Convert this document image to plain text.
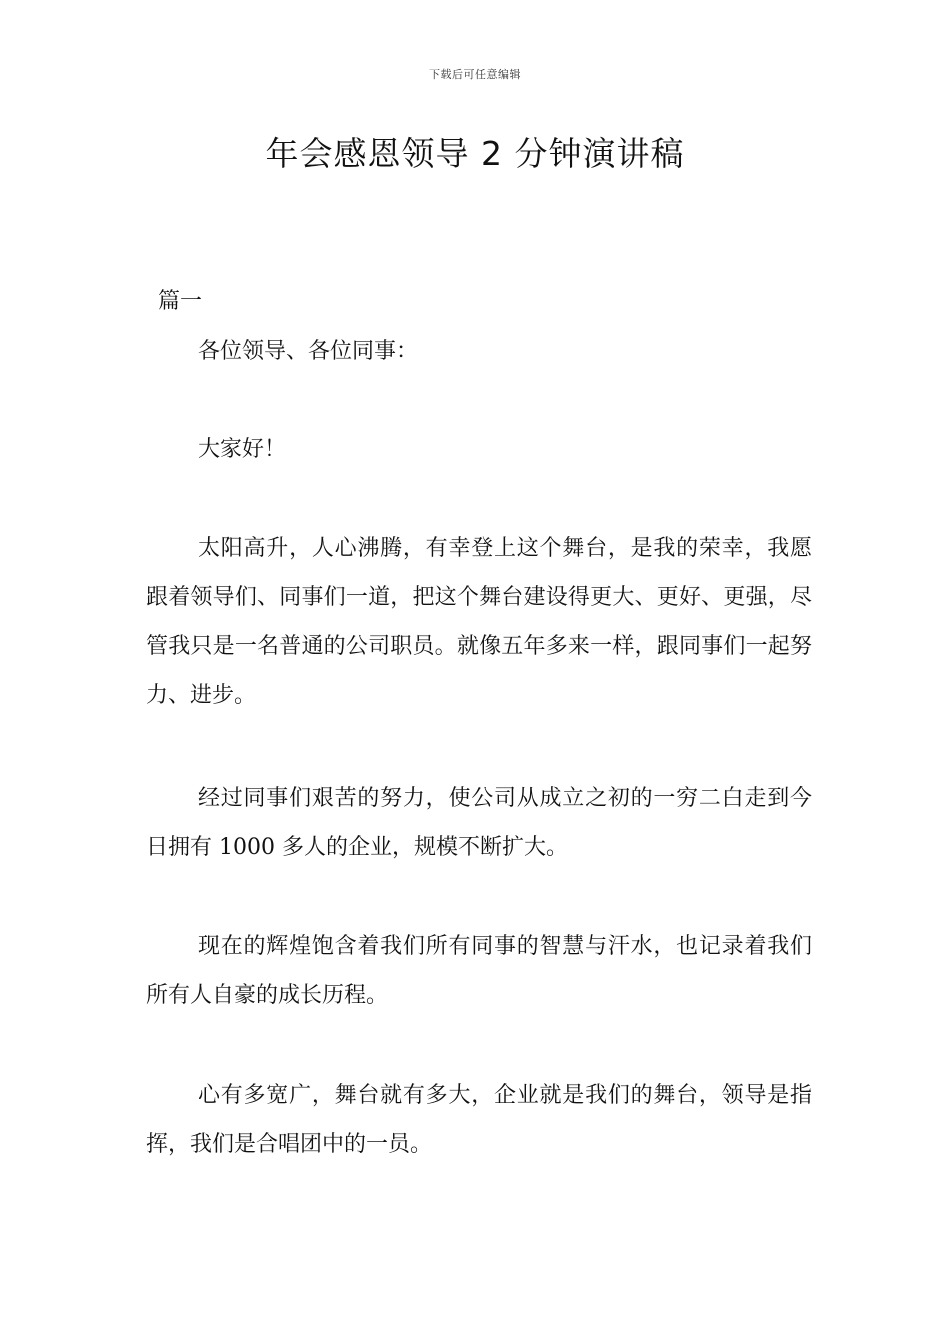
下载后可任意编辑
年会感恩领导 2 分钟演讲稿
篇一

各位领导、各位同事：

大家好！

太阳高升，人心沸腾，有幸登上这个舞台，是我的荣幸，我愿跟着领导们、同事们一道，把这个舞台建设得更大、更好、更强，尽管我只是一名普通的公司职员。就像五年多来一样，跟同事们一起努力、进步。

经过同事们艰苦的努力，使公司从成立之初的一穷二白走到今日拥有 1000 多人的企业，规模不断扩大。

现在的辉煌饱含着我们所有同事的智慧与汗水，也记录着我们所有人自豪的成长历程。

心有多宽广，舞台就有多大，企业就是我们的舞台，领导是指挥，我们是合唱团中的一员。
